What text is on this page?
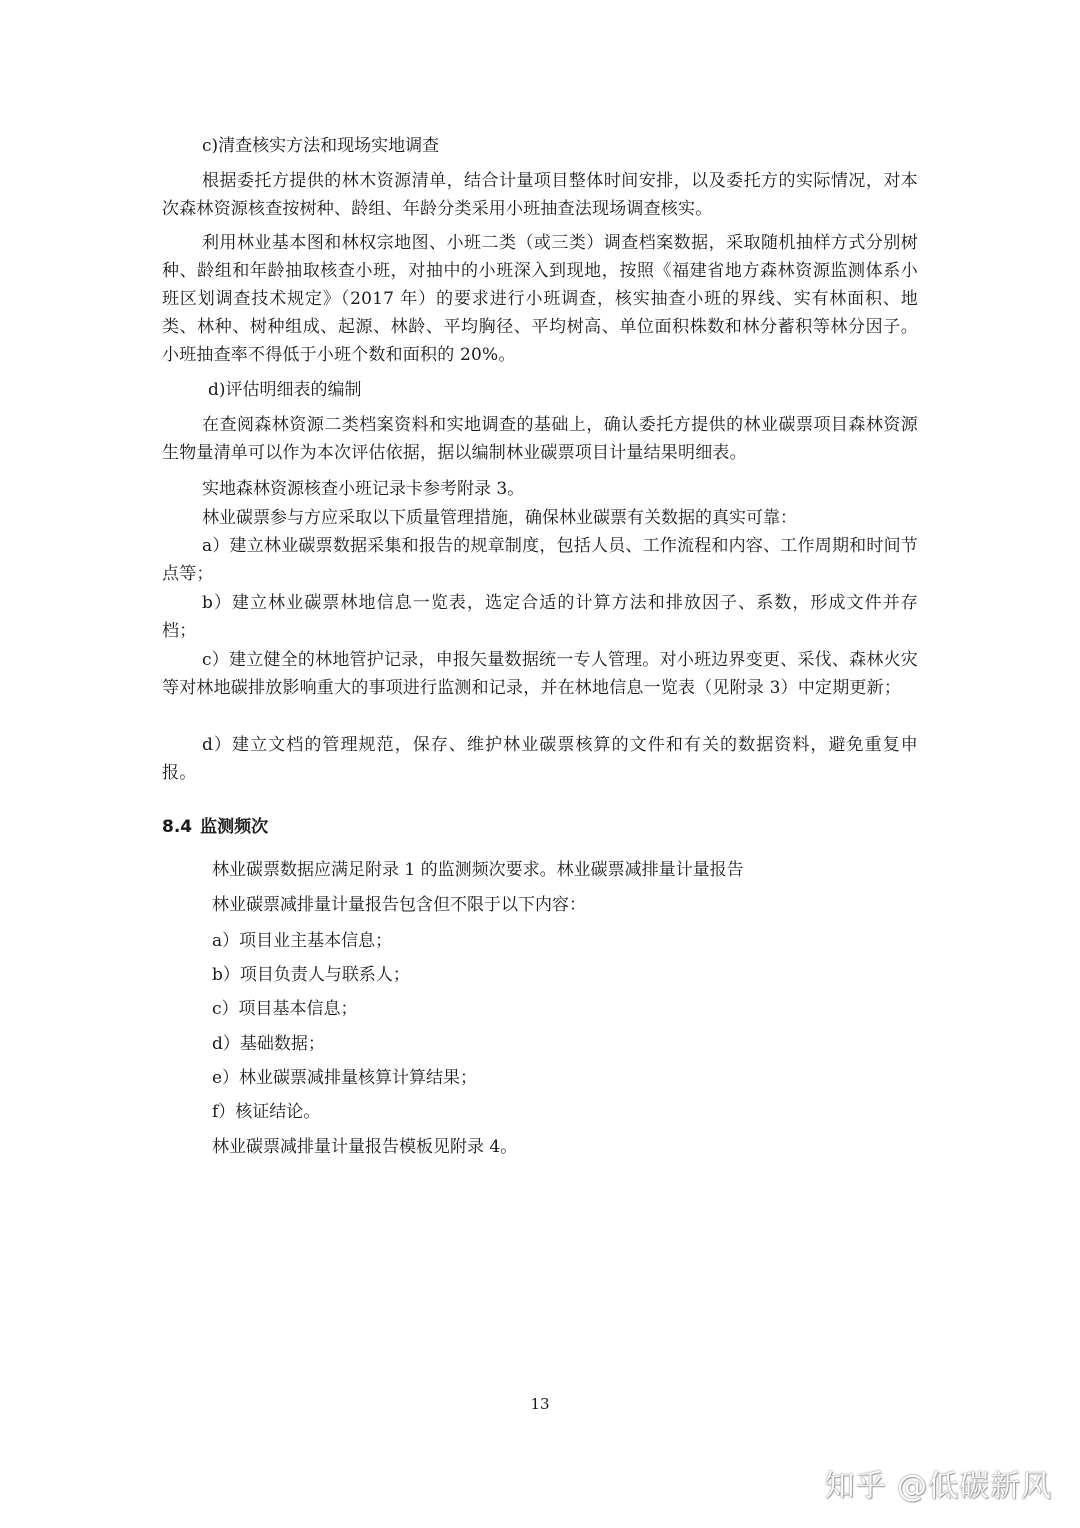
c)清查核实方法和现场实地调查

根据委托方提供的林木资源清单，结合计量项目整体时间安排，以及委托方的实际情况，对本次森林资源核查按树种、龄组、年龄分类采用小班抽查法现场调查核实。

利用林业基本图和林权宗地图、小班二类（或三类）调查档案数据，采取随机抽样方式分别树种、龄组和年龄抽取核查小班，对抽中的小班深入到现地，按照《福建省地方森林资源监测体系小班区划调查技术规定》（2017 年）的要求进行小班调查，核实抽查小班的界线、实有林面积、地类、林种、树种组成、起源、林龄、平均胸径、平均树高、单位面积株数和林分蓄积等林分因子。小班抽查率不得低于小班个数和面积的 20%。

d)评估明细表的编制

在查阅森林资源二类档案资料和实地调查的基础上，确认委托方提供的林业碳票项目森林资源生物量清单可以作为本次评估依据，据以编制林业碳票项目计量结果明细表。

实地森林资源核查小班记录卡参考附录 3。

林业碳票参与方应采取以下质量管理措施，确保林业碳票有关数据的真实可靠：

a）建立林业碳票数据采集和报告的规章制度，包括人员、工作流程和内容、工作周期和时间节点等；

b）建立林业碳票林地信息一览表，选定合适的计算方法和排放因子、系数，形成文件并存档；

c）建立健全的林地管护记录，申报矢量数据统一专人管理。对小班边界变更、采伐、森林火灾等对林地碳排放影响重大的事项进行监测和记录，并在林地信息一览表（见附录 3）中定期更新；

d）建立文档的管理规范，保存、维护林业碳票核算的文件和有关的数据资料，避免重复申报。

8.4 监测频次

林业碳票数据应满足附录 1 的监测频次要求。林业碳票减排量计量报告

林业碳票减排量计量报告包含但不限于以下内容：

a）项目业主基本信息；

b）项目负责人与联系人；

c）项目基本信息；

d）基础数据；

e）林业碳票减排量核算计算结果；

f）核证结论。

林业碳票减排量计量报告模板见附录 4。

13
知乎 @低碳新风
